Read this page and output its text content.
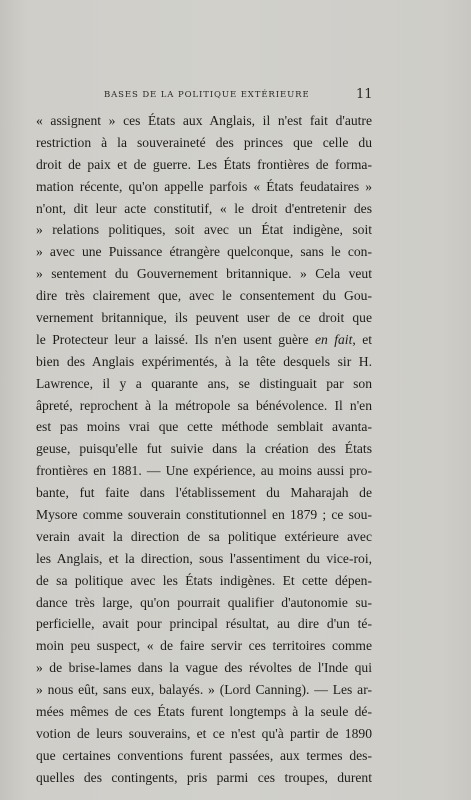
BASES DE LA POLITIQUE EXTÉRIEURE	11
« assignent » ces États aux Anglais, il n'est fait d'autre
restriction à la souveraineté des princes que celle du
droit de paix et de guerre. Les États frontières de forma-
mation récente, qu'on appelle parfois « États feudataires »
n'ont, dit leur acte constitutif, « le droit d'entretenir des
» relations politiques, soit avec un État indigène, soit
» avec une Puissance étrangère quelconque, sans le con-
» sentement du Gouvernement britannique. » Cela veut
dire très clairement que, avec le consentement du Gou-
vernement britannique, ils peuvent user de ce droit que
le Protecteur leur a laissé. Ils n'en usent guère en fait, et
bien des Anglais expérimentés, à la tête desquels sir H.
Lawrence, il y a quarante ans, se distinguait par son
âpreté, reprochent à la métropole sa bénévolence. Il n'en
est pas moins vrai que cette méthode semblait avanta-
geuse, puisqu'elle fut suivie dans la création des États
frontières en 1881. — Une expérience, au moins aussi pro-
bante, fut faite dans l'établissement du Maharajah de
Mysore comme souverain constitutionnel en 1879 ; ce sou-
verain avait la direction de sa politique extérieure avec
les Anglais, et la direction, sous l'assentiment du vice-roi,
de sa politique avec les États indigènes. Et cette dépen-
dance très large, qu'on pourrait qualifier d'autonomie su-
perficielle, avait pour principal résultat, au dire d'un té-
moin peu suspect, « de faire servir ces territoires comme
» de brise-lames dans la vague des révoltes de l'Inde qui
» nous eût, sans eux, balayés. » (Lord Canning). — Les ar-
mées mêmes de ces États furent longtemps à la seule dé-
votion de leurs souverains, et ce n'est qu'à partir de 1890
que certaines conventions furent passées, aux termes des-
quelles des contingents, pris parmi ces troupes, durent
